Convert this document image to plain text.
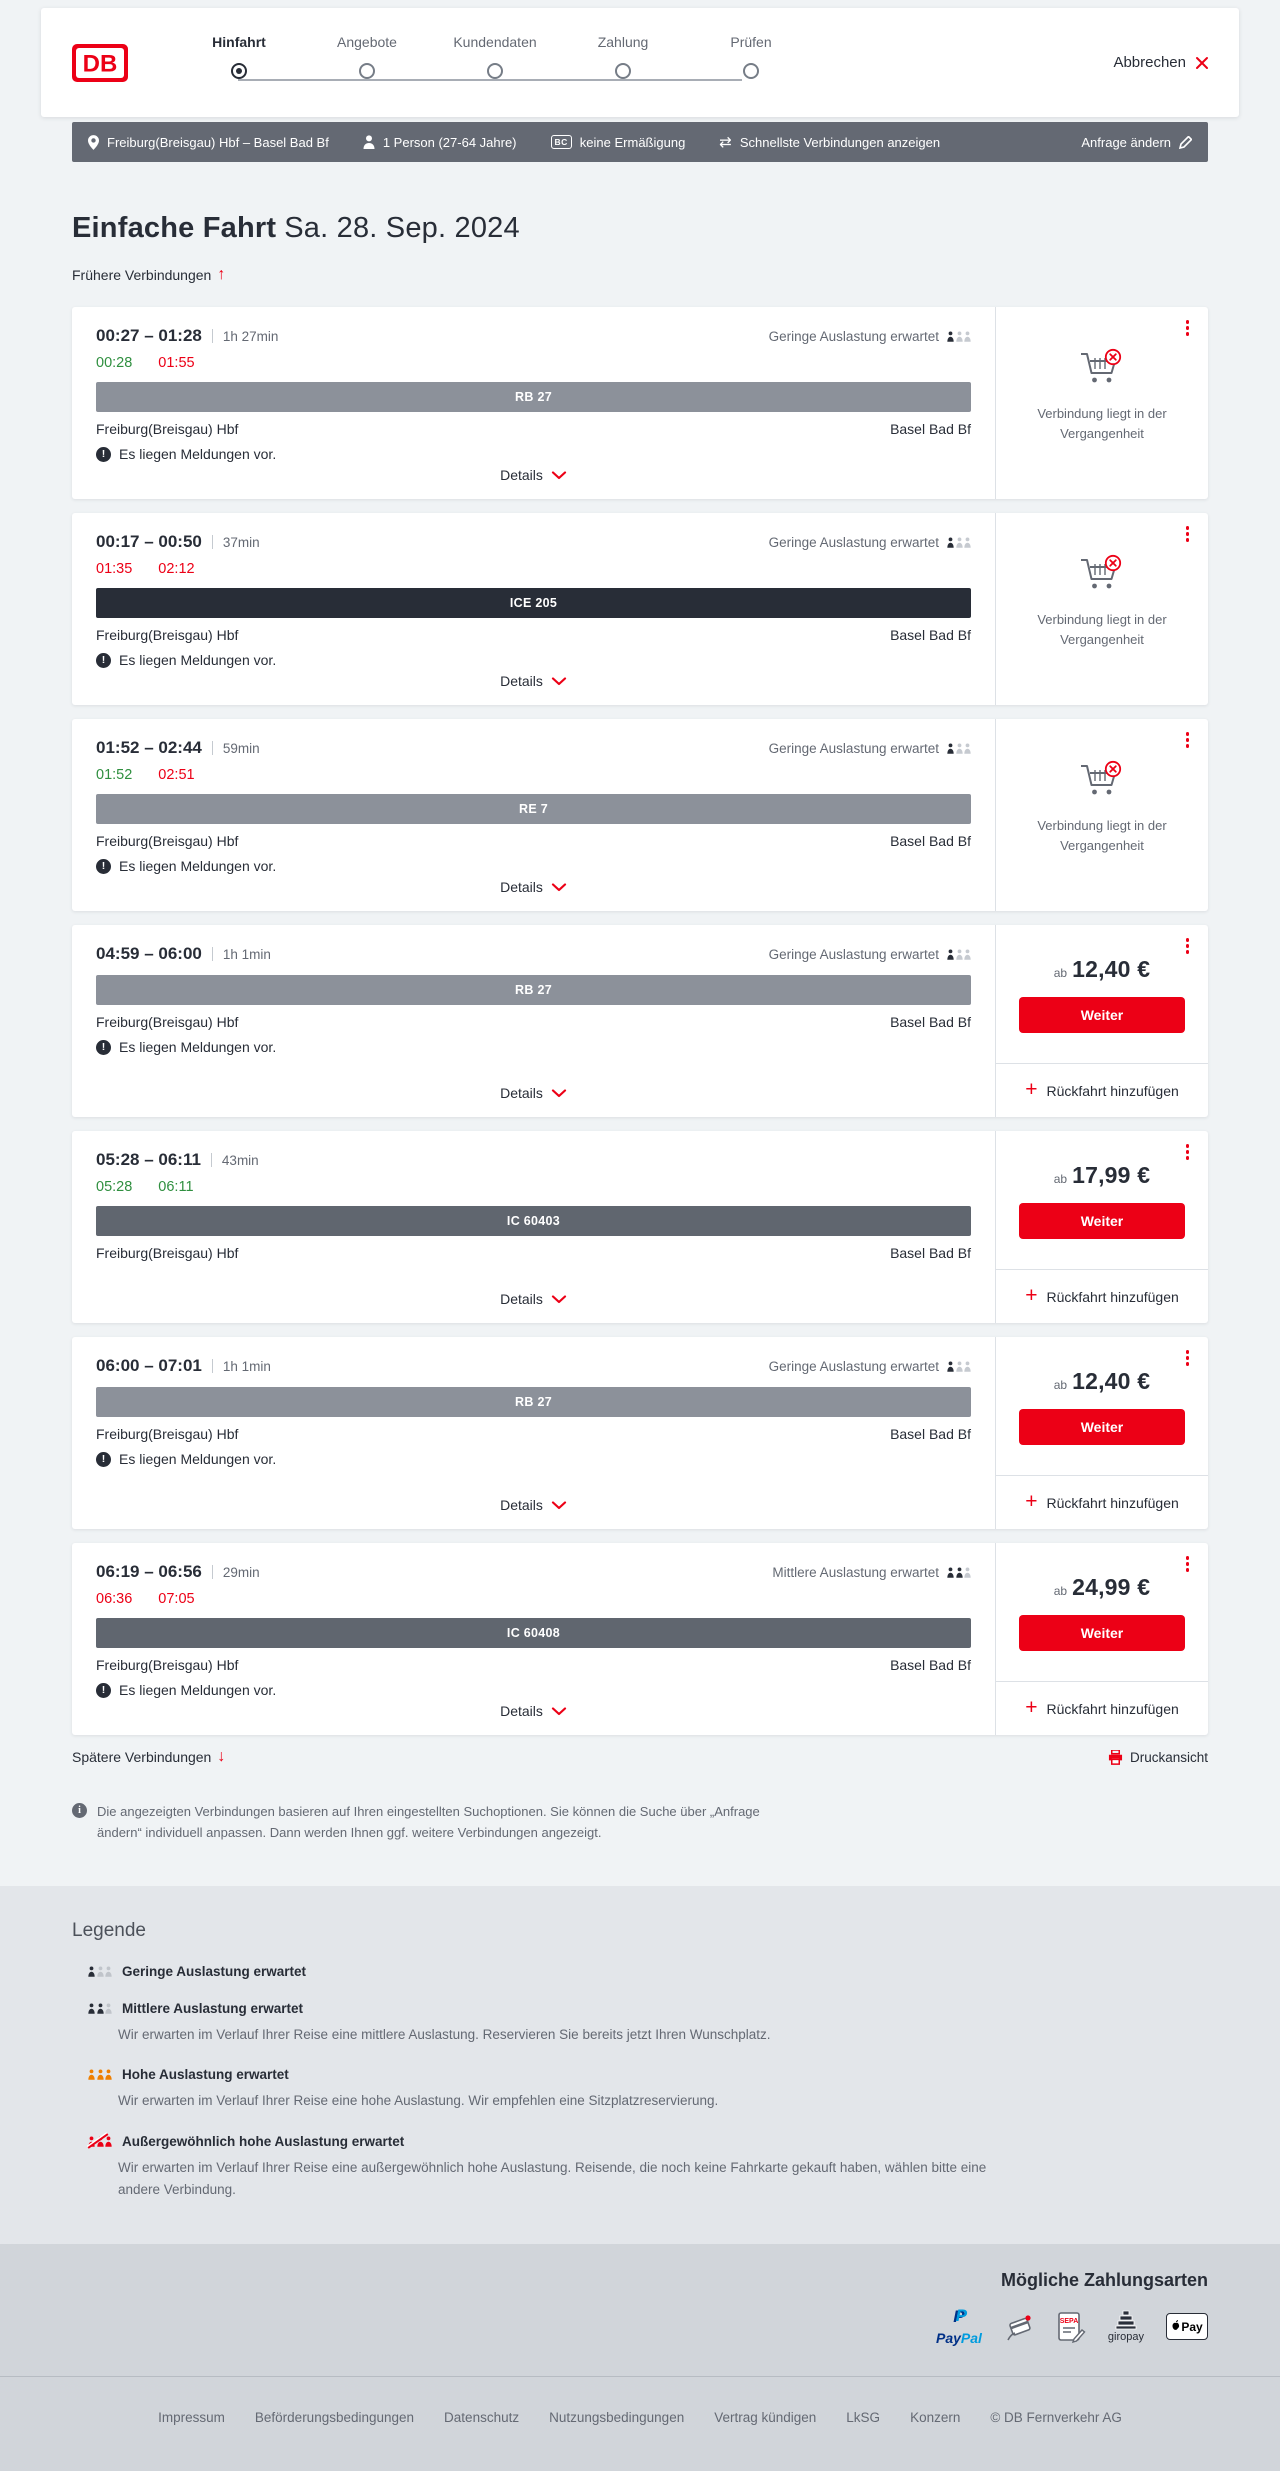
DB
Hinfahrt	Angebote	Kundendaten	Zahlung	Prüfen
Abbrechen
Freiburg(Breisgau) Hbf – Basel Bad Bf	1 Person (27-64 Jahre)	BC keine Ermäßigung ⇄ Schnellste Verbindungen anzeigen	Anfrage ändern
Einfache Fahrt Sa. 28. Sep. 2024
Frühere Verbindungen ↑
00:27 – 01:28 1h 27min	Geringe Auslastung erwartet
00:28 01:55
RB 27
Freiburg(Breisgau) Hbf	Basel Bad Bf
! Es liegen Meldungen vor.
Details

Verbindung liegt in der Vergangenheit

00:17 – 00:50 37min	Geringe Auslastung erwartet
01:35 02:12
ICE 205
Freiburg(Breisgau) Hbf	Basel Bad Bf
! Es liegen Meldungen vor.
Details

Verbindung liegt in der Vergangenheit

01:52 – 02:44 59min	Geringe Auslastung erwartet
01:52 02:51
RE 7
Freiburg(Breisgau) Hbf	Basel Bad Bf
! Es liegen Meldungen vor.
Details

Verbindung liegt in der Vergangenheit

04:59 – 06:00 1h 1min	Geringe Auslastung erwartet
RB 27
Freiburg(Breisgau) Hbf	Basel Bad Bf
! Es liegen Meldungen vor.
Details
ab 12,40 €
Weiter
+ Rückfahrt hinzufügen
05:28 – 06:11 43min
05:28 06:11
IC 60403
Freiburg(Breisgau) Hbf	Basel Bad Bf
Details
ab 17,99 €
Weiter
+ Rückfahrt hinzufügen
06:00 – 07:01 1h 1min	Geringe Auslastung erwartet
RB 27
Freiburg(Breisgau) Hbf	Basel Bad Bf
! Es liegen Meldungen vor.
Details
ab 12,40 €
Weiter
+ Rückfahrt hinzufügen
06:19 – 06:56 29min	Mittlere Auslastung erwartet
06:36 07:05
IC 60408
Freiburg(Breisgau) Hbf	Basel Bad Bf
! Es liegen Meldungen vor.
Details
ab 24,99 €
Weiter
+ Rückfahrt hinzufügen
Spätere Verbindungen ↓	Druckansicht
i	Die angezeigten Verbindungen basieren auf Ihren eingestellten Suchoptionen. Sie können die Suche über „Anfrage ändern“ individuell anpassen. Dann werden Ihnen ggf. weitere Verbindungen angezeigt.

Legende
Geringe Auslastung erwartet
Mittlere Auslastung erwartet

Wir erwarten im Verlauf Ihrer Reise eine mittlere Auslastung. Reservieren Sie bereits jetzt Ihren Wunschplatz.

Hohe Auslastung erwartet

Wir erwarten im Verlauf Ihrer Reise eine hohe Auslastung. Wir empfehlen eine Sitzplatzreservierung.

Außergewöhnlich hohe Auslastung erwartet

Wir erwarten im Verlauf Ihrer Reise eine außergewöhnlich hohe Auslastung. Reisende, die noch keine Fahrkarte gekauft haben, wählen bitte eine andere Verbindung.

Mögliche Zahlungsarten
P P
PayPal
SEPA
giropay
Pay
Impressum Beförderungsbedingungen Datenschutz Nutzungsbedingungen Vertrag kündigen LkSG Konzern © DB Fernverkehr AG
